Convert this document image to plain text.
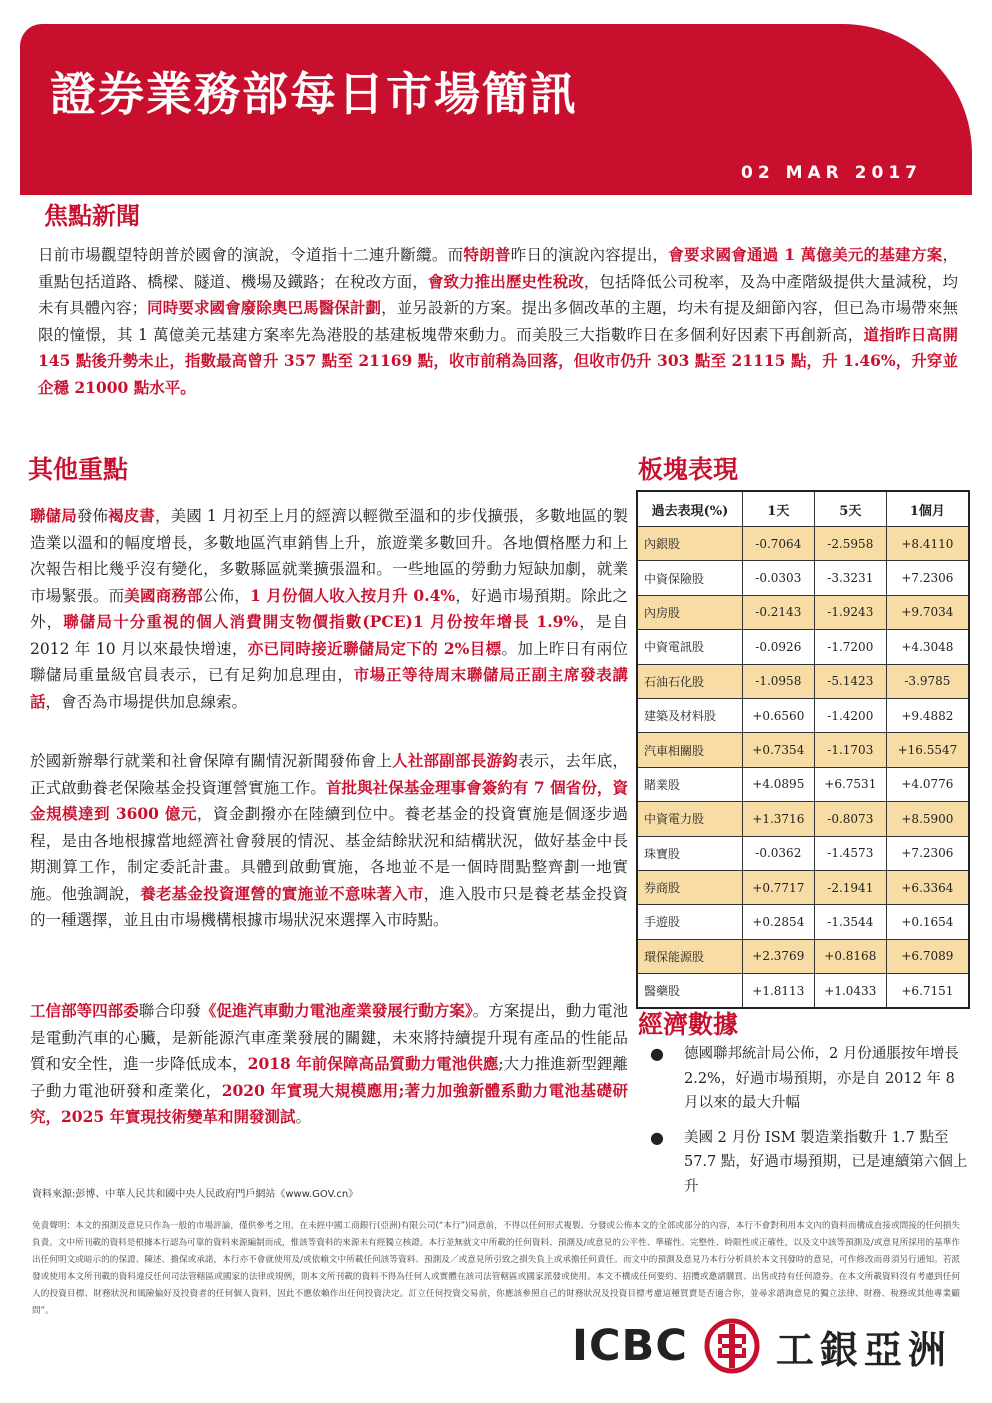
證券業務部每日市場簡訊
02 MAR 2017
焦點新聞
日前市場觀望特朗普於國會的演說，令道指十二連升斷纜。而特朗普昨日的演說內容提出，會要求國會通過 1 萬億美元的基建方案，重點包括道路、橋樑、隧道、機場及鐵路；在稅改方面，會致力推出歷史性稅改，包括降低公司稅率，及為中產階級提供大量減稅，均未有具體內容；同時要求國會廢除奧巴馬醫保計劃，並另設新的方案。提出多個改革的主題，均未有提及細節內容，但已為市場帶來無限的憧憬，其 1 萬億美元基建方案率先為港股的基建板塊帶來動力。而美股三大指數昨日在多個利好因素下再創新高，道指昨日高開 145 點後升勢未止，指數最高曾升 357 點至 21169 點，收市前稍為回落，但收市仍升 303 點至 21115 點，升 1.46%，升穿並企穩 21000 點水平。
其他重點
聯儲局發佈褐皮書，美國 1 月初至上月的經濟以輕微至溫和的步伐擴張，多數地區的製造業以溫和的幅度增長，多數地區汽車銷售上升，旅遊業多數回升。各地價格壓力和上次報告相比幾乎沒有變化，多數縣區就業擴張溫和。一些地區的勞動力短缺加劇，就業市場緊張。而美國商務部公佈，1 月份個人收入按月升 0.4%，好過市場預期。除此之外，聯儲局十分重視的個人消費開支物價指數(PCE)1 月份按年增長 1.9%，是自 2012 年 10 月以來最快增速，亦已同時接近聯儲局定下的 2%目標。加上昨日有兩位聯儲局重量級官員表示，已有足夠加息理由，市場正等待周末聯儲局正副主席發表講話，會否為市場提供加息線索。
於國新辦舉行就業和社會保障有關情況新聞發佈會上人社部副部長游鈞表示，去年底，正式啟動養老保險基金投資運營實施工作。首批與社保基金理事會簽約有 7 個省份，資金規模達到 3600 億元，資金劃撥亦在陸續到位中。養老基金的投資實施是個逐步過程，是由各地根據當地經濟社會發展的情況、基金結餘狀況和結構狀況，做好基金中長期測算工作，制定委託計畫。具體到啟動實施，各地並不是一個時間點整齊劃一地實施。他強調說，養老基金投資運營的實施並不意味著入市，進入股市只是養老基金投資的一種選擇，並且由市場機構根據市場狀況來選擇入市時點。
工信部等四部委聯合印發《促進汽車動力電池產業發展行動方案》。方案提出，動力電池是電動汽車的心臟，是新能源汽車產業發展的關鍵，未來將持續提升現有產品的性能品質和安全性，進一步降低成本，2018 年前保障高品質動力電池供應;大力推進新型鋰離子動力電池研發和產業化，2020 年實現大規模應用;著力加強新體系動力電池基礎研究，2025 年實現技術變革和開發測試。
板塊表現
過去表現(%)	1天	5天	1個月
內銀股	-0.7064	-2.5958	+8.4110
中資保險股	-0.0303	-3.3231	+7.2306
內房股	-0.2143	-1.9243	+9.7034
中資電訊股	-0.0926	-1.7200	+4.3048
石油石化股	-1.0958	-5.1423	-3.9785
建築及材料股	+0.6560	-1.4200	+9.4882
汽車相關股	+0.7354	-1.1703	+16.5547
賭業股	+4.0895	+6.7531	+4.0776
中資電力股	+1.3716	-0.8073	+8.5900
珠寶股	-0.0362	-1.4573	+7.2306
券商股	+0.7717	-2.1941	+6.3364
手遊股	+0.2854	-1.3544	+0.1654
環保能源股	+2.3769	+0.8168	+6.7089
醫藥股	+1.8113	+1.0433	+6.7151
經濟數據
●	德國聯邦統計局公佈，2 月份通脹按年增長 2.2%，好過市場預期，亦是自 2012 年 8 月以來的最大升幅
●	美國 2 月份 ISM 製造業指數升 1.7 點至 57.7 點，好過市場預期，已是連續第六個上升
資料來源:彭博、中華人民共和國中央人民政府門戶網站《www.GOV.cn》
免責聲明：本文的預測及意見只作為一般的市場評論，僅供參考之用，在未經中國工商銀行(亞洲)有限公司(“本行”)同意前，不得以任何形式複製、分發或公佈本文的全部或部分的內容，本行不會對利用本文內的資料而構成直接或間接的任何損失負責。文中所刊載的資料是根據本行認為可靠的資料來源編制而成，惟該等資料的來源未有經獨立核證。本行並無就文中所載的任何資料、預測及/或意見的公平性、準確性、完整性、時限性或正確性，以及文中該等預測及/或意見所採用的基準作出任何明文或暗示的的保證、陳述、擔保或承諾，本行亦不會就使用及/或依賴文中所載任何該等資料、預測及／或意見所引致之損失負上或承擔任何責任。而文中的預測及意見乃本行分析員於本文刊發時的意見，可作修改而毋須另行通知。若派發或使用本文所刊載的資料違反任何司法管轄區或國家的法律或規例，則本文所刊載的資料不得為任何人或實體在該司法管轄區或國家派發或使用。本文不構成任何要約、招攬或邀請購買、出售或持有任何證券。在本文所載資料沒有考慮到任何人的投資目標、財務狀況和風險偏好及投資者的任何個人資料，因此不應依賴作出任何投資決定。訂立任何投資交易前，你應該參照自己的財務狀況及投資目標考慮這種買賣是否適合你，並尋求諮詢意見的獨立法律、財務、稅務或其他專業顧問”。
ICBC 工銀亞洲
